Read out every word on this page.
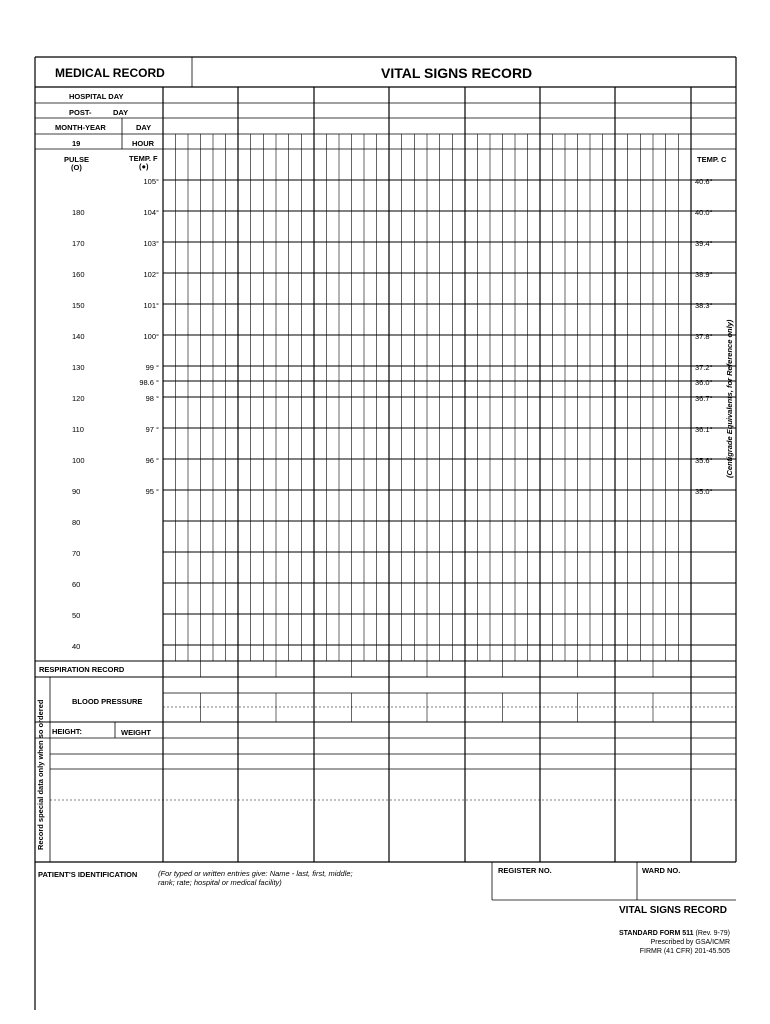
MEDICAL RECORD	VITAL SIGNS RECORD
HOSPITAL DAY
POST-	DAY
MONTH-YEAR	DAY
19	HOUR
PULSE
(O)
TEMP. F
(●)
TEMP. C
180
170
160
150
140
130
120
110
100
90
80
70
60
50
40
105°
104°
103°
102°
101°
100°
99 °
98.6 °
98 °
97 °
96 °
95 °
40.6°
40.0°
39.4°
38.9°
38.3°
37.8°
37.2°
36.0°
36.7°
36.1°
35.6°
35.0°
(Centigrade Equivalents, for Reference only)
RESPIRATION RECORD
BLOOD PRESSURE
HEIGHT:	WEIGHT
Record special data only when so ordered
PATIENT'S IDENTIFICATION	(For typed or written entries give: Name - last, first, middle;
rank; rate; hospital or medical facility)
REGISTER NO.	WARD NO.
VITAL SIGNS RECORD
STANDARD FORM 511 (Rev. 9-79)
Prescribed by GSA/ICMR
FIRMR (41 CFR) 201-45.505
